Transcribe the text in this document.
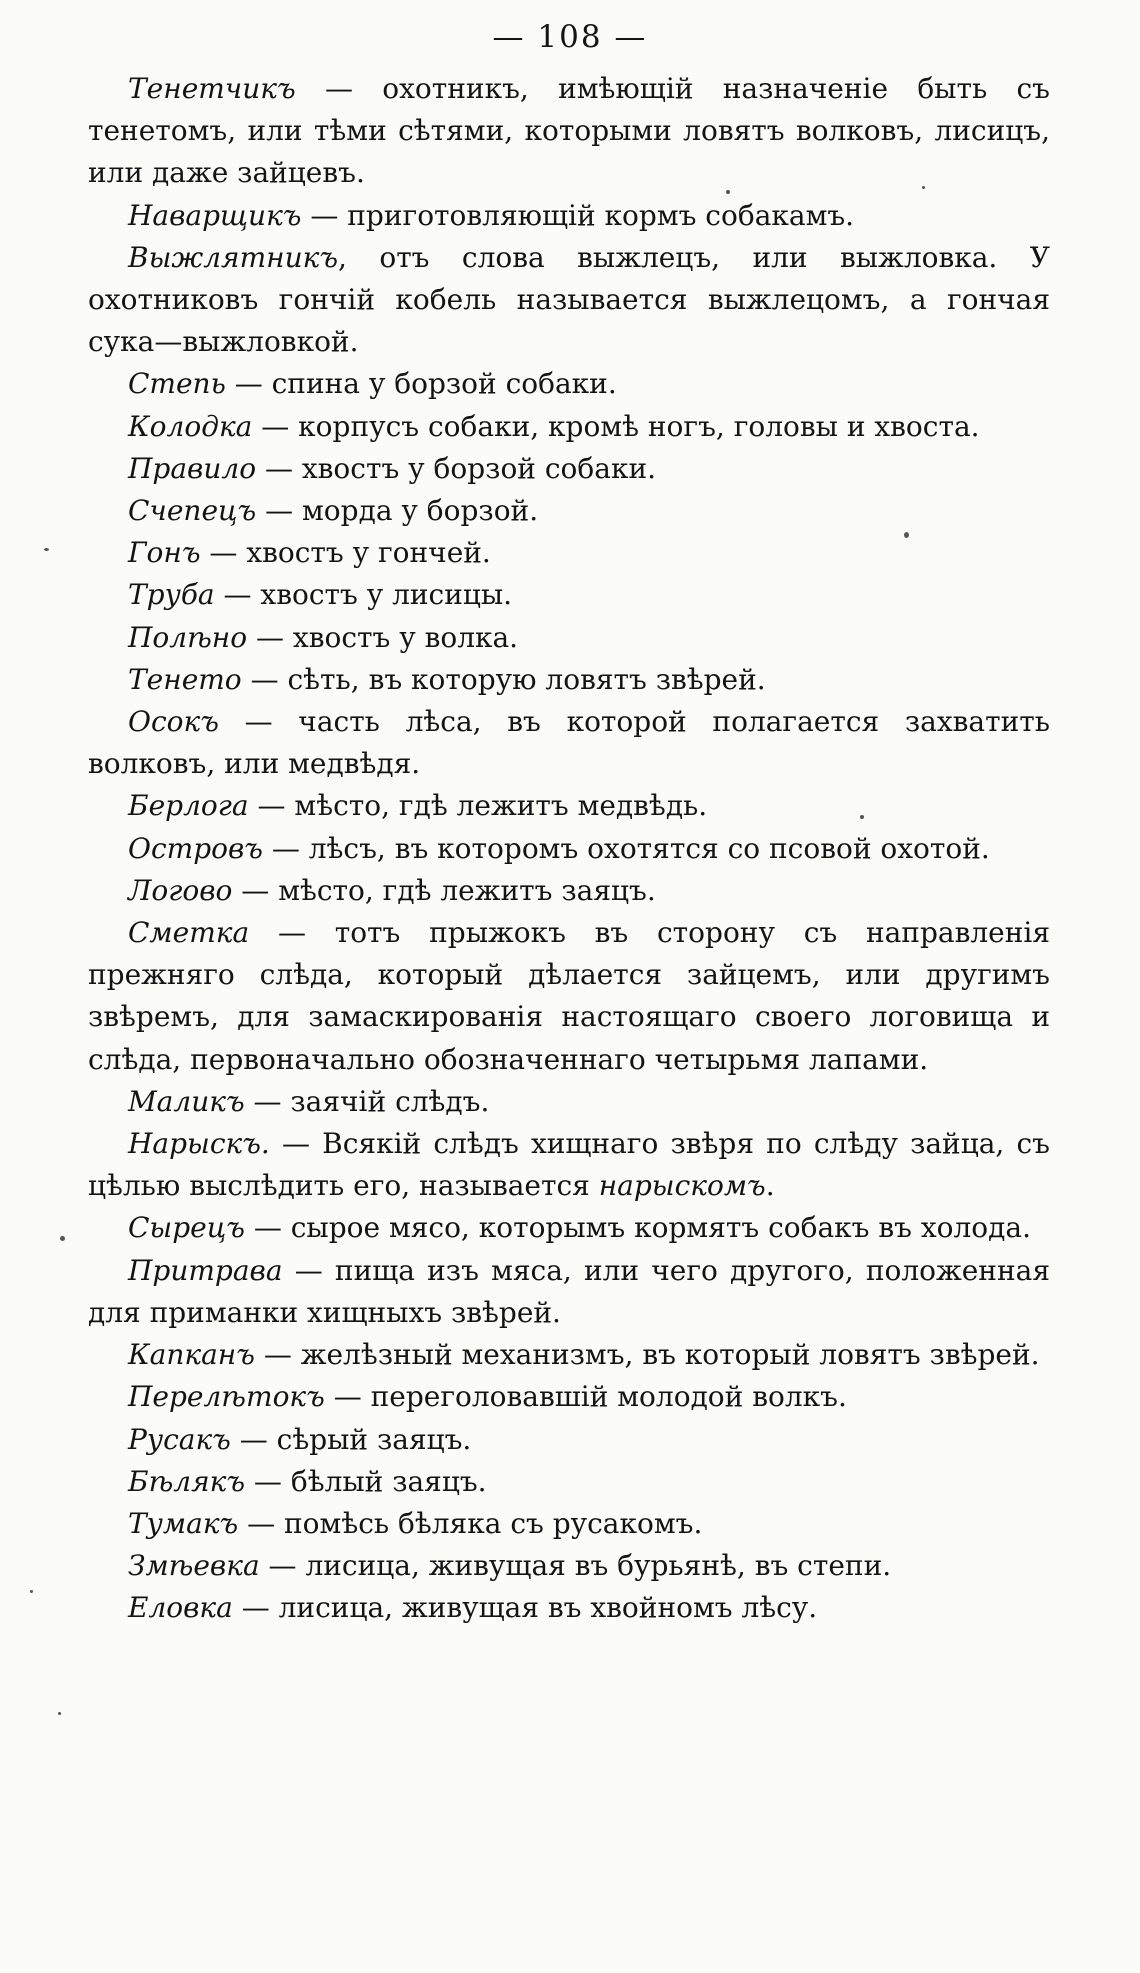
— 108 —

Тенетчикъ — охотникъ, имѣющій назначеніе быть съ тенетомъ, или тѣми сѣтями, которыми ловятъ волковъ, лисицъ, или даже зайцевъ.

Наварщикъ — приготовляющій кормъ собакамъ.

Выжлятникъ, отъ слова выжлецъ, или выжловка. У охотниковъ гончій кобель называется выжлецомъ, а гончая сука—выжловкой.

Степь — спина у борзой собаки.

Колодка — корпусъ собаки, кромѣ ногъ, головы и хвоста.

Правило — хвостъ у борзой собаки.

Счепецъ — морда у борзой.

Гонъ — хвостъ у гончей.

Труба — хвостъ у лисицы.

Полѣно — хвостъ у волка.

Тенето — сѣть, въ которую ловятъ звѣрей.

Осокъ — часть лѣса, въ которой полагается захватить волковъ, или медвѣдя.

Берлога — мѣсто, гдѣ лежитъ медвѣдь.

Островъ — лѣсъ, въ которомъ охотятся со псовой охотой.

Логово — мѣсто, гдѣ лежитъ заяцъ.

Сметка — тотъ прыжокъ въ сторону съ направленія прежняго слѣда, который дѣлается зайцемъ, или другимъ звѣремъ, для замаскированія настоящаго своего логовища и слѣда, первоначально обозначеннаго четырьмя лапами.

Маликъ — заячій слѣдъ.

Нарыскъ. — Всякій слѣдъ хищнаго звѣря по слѣду зайца, съ цѣлью выслѣдить его, называется нарыскомъ.

Сырецъ — сырое мясо, которымъ кормятъ собакъ въ холода.

Притрава — пища изъ мяса, или чего другого, положенная для приманки хищныхъ звѣрей.

Капканъ — желѣзный механизмъ, въ который ловятъ звѣрей.

Перелѣтокъ — переголовавшій молодой волкъ.

Русакъ — сѣрый заяцъ.

Бѣлякъ — бѣлый заяцъ.

Тумакъ — помѣсь бѣляка съ русакомъ.

Змѣевка — лисица, живущая въ бурьянѣ, въ степи.

Еловка — лисица, живущая въ хвойномъ лѣсу.
